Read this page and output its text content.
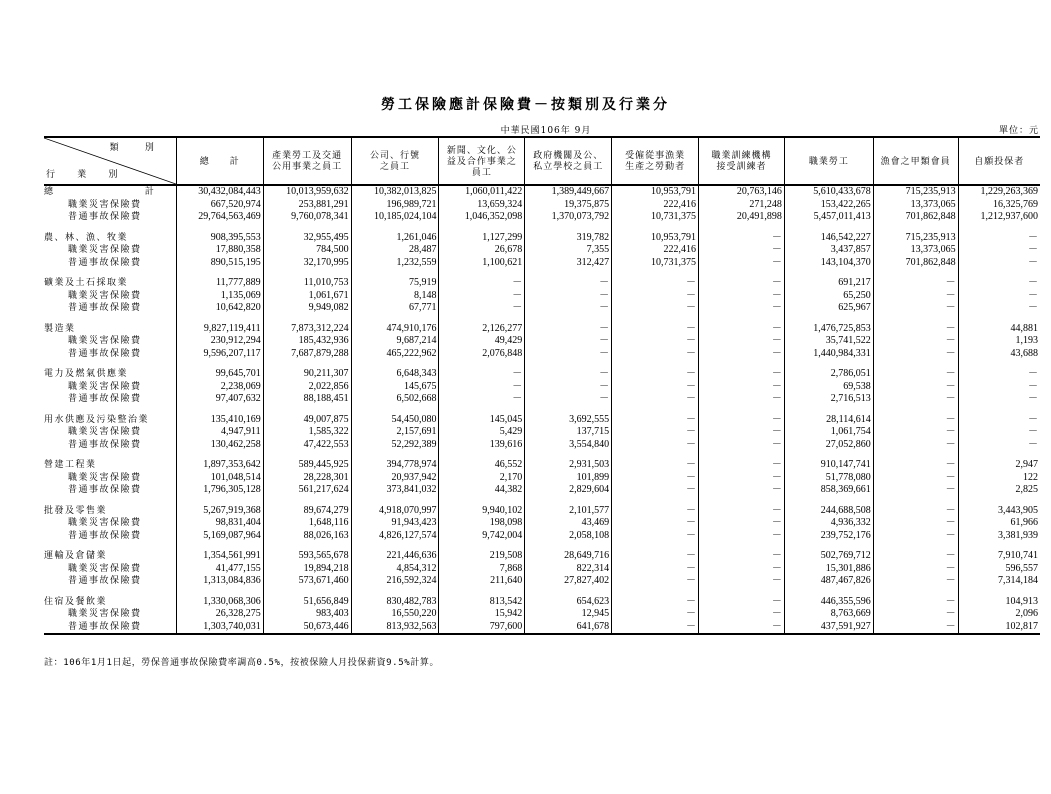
勞工保險應計保險費－按類別及行業分
中華民國106年 9月	單位：元
類 別
行 業 別	總　　計	產業勞工及交通
公用事業之員工	公司、行號
之員工	新聞、文化、公
益及合作事業之
員工	政府機關及公、
私立學校之員工	受僱從事漁業
生產之勞動者	職業訓練機構
接受訓練者	職業勞工	漁會之甲類會員	自願投保者

總 計	30,432,084,443	10,013,959,632	10,382,013,825	1,060,011,422	1,389,449,667	10,953,791	20,763,146	5,610,433,678	715,235,913	1,229,263,369
職業災害保險費	667,520,974	253,881,291	196,989,721	13,659,324	19,375,875	222,416	271,248	153,422,265	13,373,065	16,325,769
普通事故保險費	29,764,563,469	9,760,078,341	10,185,024,104	1,046,352,098	1,370,073,792	10,731,375	20,491,898	5,457,011,413	701,862,848	1,212,937,600

農、林、漁、牧業	908,395,553	32,955,495	1,261,046	1,127,299	319,782	10,953,791	－	146,542,227	715,235,913	－
職業災害保險費	17,880,358	784,500	28,487	26,678	7,355	222,416	－	3,437,857	13,373,065	－
普通事故保險費	890,515,195	32,170,995	1,232,559	1,100,621	312,427	10,731,375	－	143,104,370	701,862,848	－

礦業及土石採取業	11,777,889	11,010,753	75,919	－	－	－	－	691,217	－	－
職業災害保險費	1,135,069	1,061,671	8,148	－	－	－	－	65,250	－	－
普通事故保險費	10,642,820	9,949,082	67,771	－	－	－	－	625,967	－	－

製造業	9,827,119,411	7,873,312,224	474,910,176	2,126,277	－	－	－	1,476,725,853	－	44,881
職業災害保險費	230,912,294	185,432,936	9,687,214	49,429	－	－	－	35,741,522	－	1,193
普通事故保險費	9,596,207,117	7,687,879,288	465,222,962	2,076,848	－	－	－	1,440,984,331	－	43,688

電力及燃氣供應業	99,645,701	90,211,307	6,648,343	－	－	－	－	2,786,051	－	－
職業災害保險費	2,238,069	2,022,856	145,675	－	－	－	－	69,538	－	－
普通事故保險費	97,407,632	88,188,451	6,502,668	－	－	－	－	2,716,513	－	－

用水供應及污染整治業	135,410,169	49,007,875	54,450,080	145,045	3,692,555	－	－	28,114,614	－	－
職業災害保險費	4,947,911	1,585,322	2,157,691	5,429	137,715	－	－	1,061,754	－	－
普通事故保險費	130,462,258	47,422,553	52,292,389	139,616	3,554,840	－	－	27,052,860	－	－

營建工程業	1,897,353,642	589,445,925	394,778,974	46,552	2,931,503	－	－	910,147,741	－	2,947
職業災害保險費	101,048,514	28,228,301	20,937,942	2,170	101,899	－	－	51,778,080	－	122
普通事故保險費	1,796,305,128	561,217,624	373,841,032	44,382	2,829,604	－	－	858,369,661	－	2,825

批發及零售業	5,267,919,368	89,674,279	4,918,070,997	9,940,102	2,101,577	－	－	244,688,508	－	3,443,905
職業災害保險費	98,831,404	1,648,116	91,943,423	198,098	43,469	－	－	4,936,332	－	61,966
普通事故保險費	5,169,087,964	88,026,163	4,826,127,574	9,742,004	2,058,108	－	－	239,752,176	－	3,381,939

運輸及倉儲業	1,354,561,991	593,565,678	221,446,636	219,508	28,649,716	－	－	502,769,712	－	7,910,741
職業災害保險費	41,477,155	19,894,218	4,854,312	7,868	822,314	－	－	15,301,886	－	596,557
普通事故保險費	1,313,084,836	573,671,460	216,592,324	211,640	27,827,402	－	－	487,467,826	－	7,314,184

住宿及餐飲業	1,330,068,306	51,656,849	830,482,783	813,542	654,623	－	－	446,355,596	－	104,913
職業災害保險費	26,328,275	983,403	16,550,220	15,942	12,945	－	－	8,763,669	－	2,096
普通事故保險費	1,303,740,031	50,673,446	813,932,563	797,600	641,678	－	－	437,591,927	－	102,817
註：106年1月1日起，勞保普通事故保險費率調高0.5%，按被保險人月投保薪資9.5%計算。
